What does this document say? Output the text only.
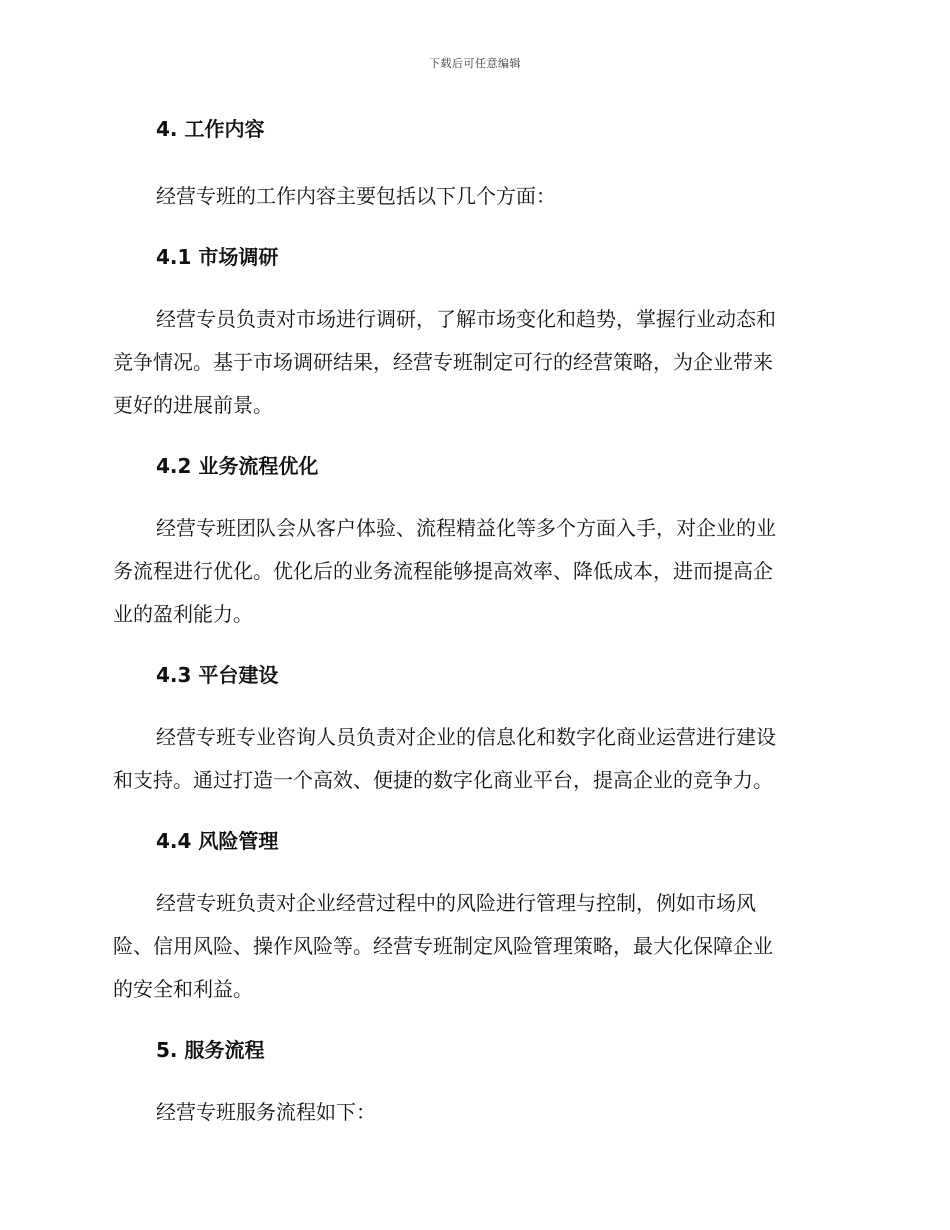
下载后可任意编辑
4. 工作内容

经营专班的工作内容主要包括以下几个方面：

4.1 市场调研

经营专员负责对市场进行调研，了解市场变化和趋势，掌握行业动态和
竞争情况。基于市场调研结果，经营专班制定可行的经营策略，为企业带来
更好的进展前景。

4.2 业务流程优化

经营专班团队会从客户体验、流程精益化等多个方面入手，对企业的业
务流程进行优化。优化后的业务流程能够提高效率、降低成本，进而提高企
业的盈利能力。

4.3 平台建设

经营专班专业咨询人员负责对企业的信息化和数字化商业运营进行建设
和支持。通过打造一个高效、便捷的数字化商业平台，提高企业的竞争力。

4.4 风险管理

经营专班负责对企业经营过程中的风险进行管理与控制，例如市场风
险、信用风险、操作风险等。经营专班制定风险管理策略，最大化保障企业
的安全和利益。

5. 服务流程

经营专班服务流程如下：
